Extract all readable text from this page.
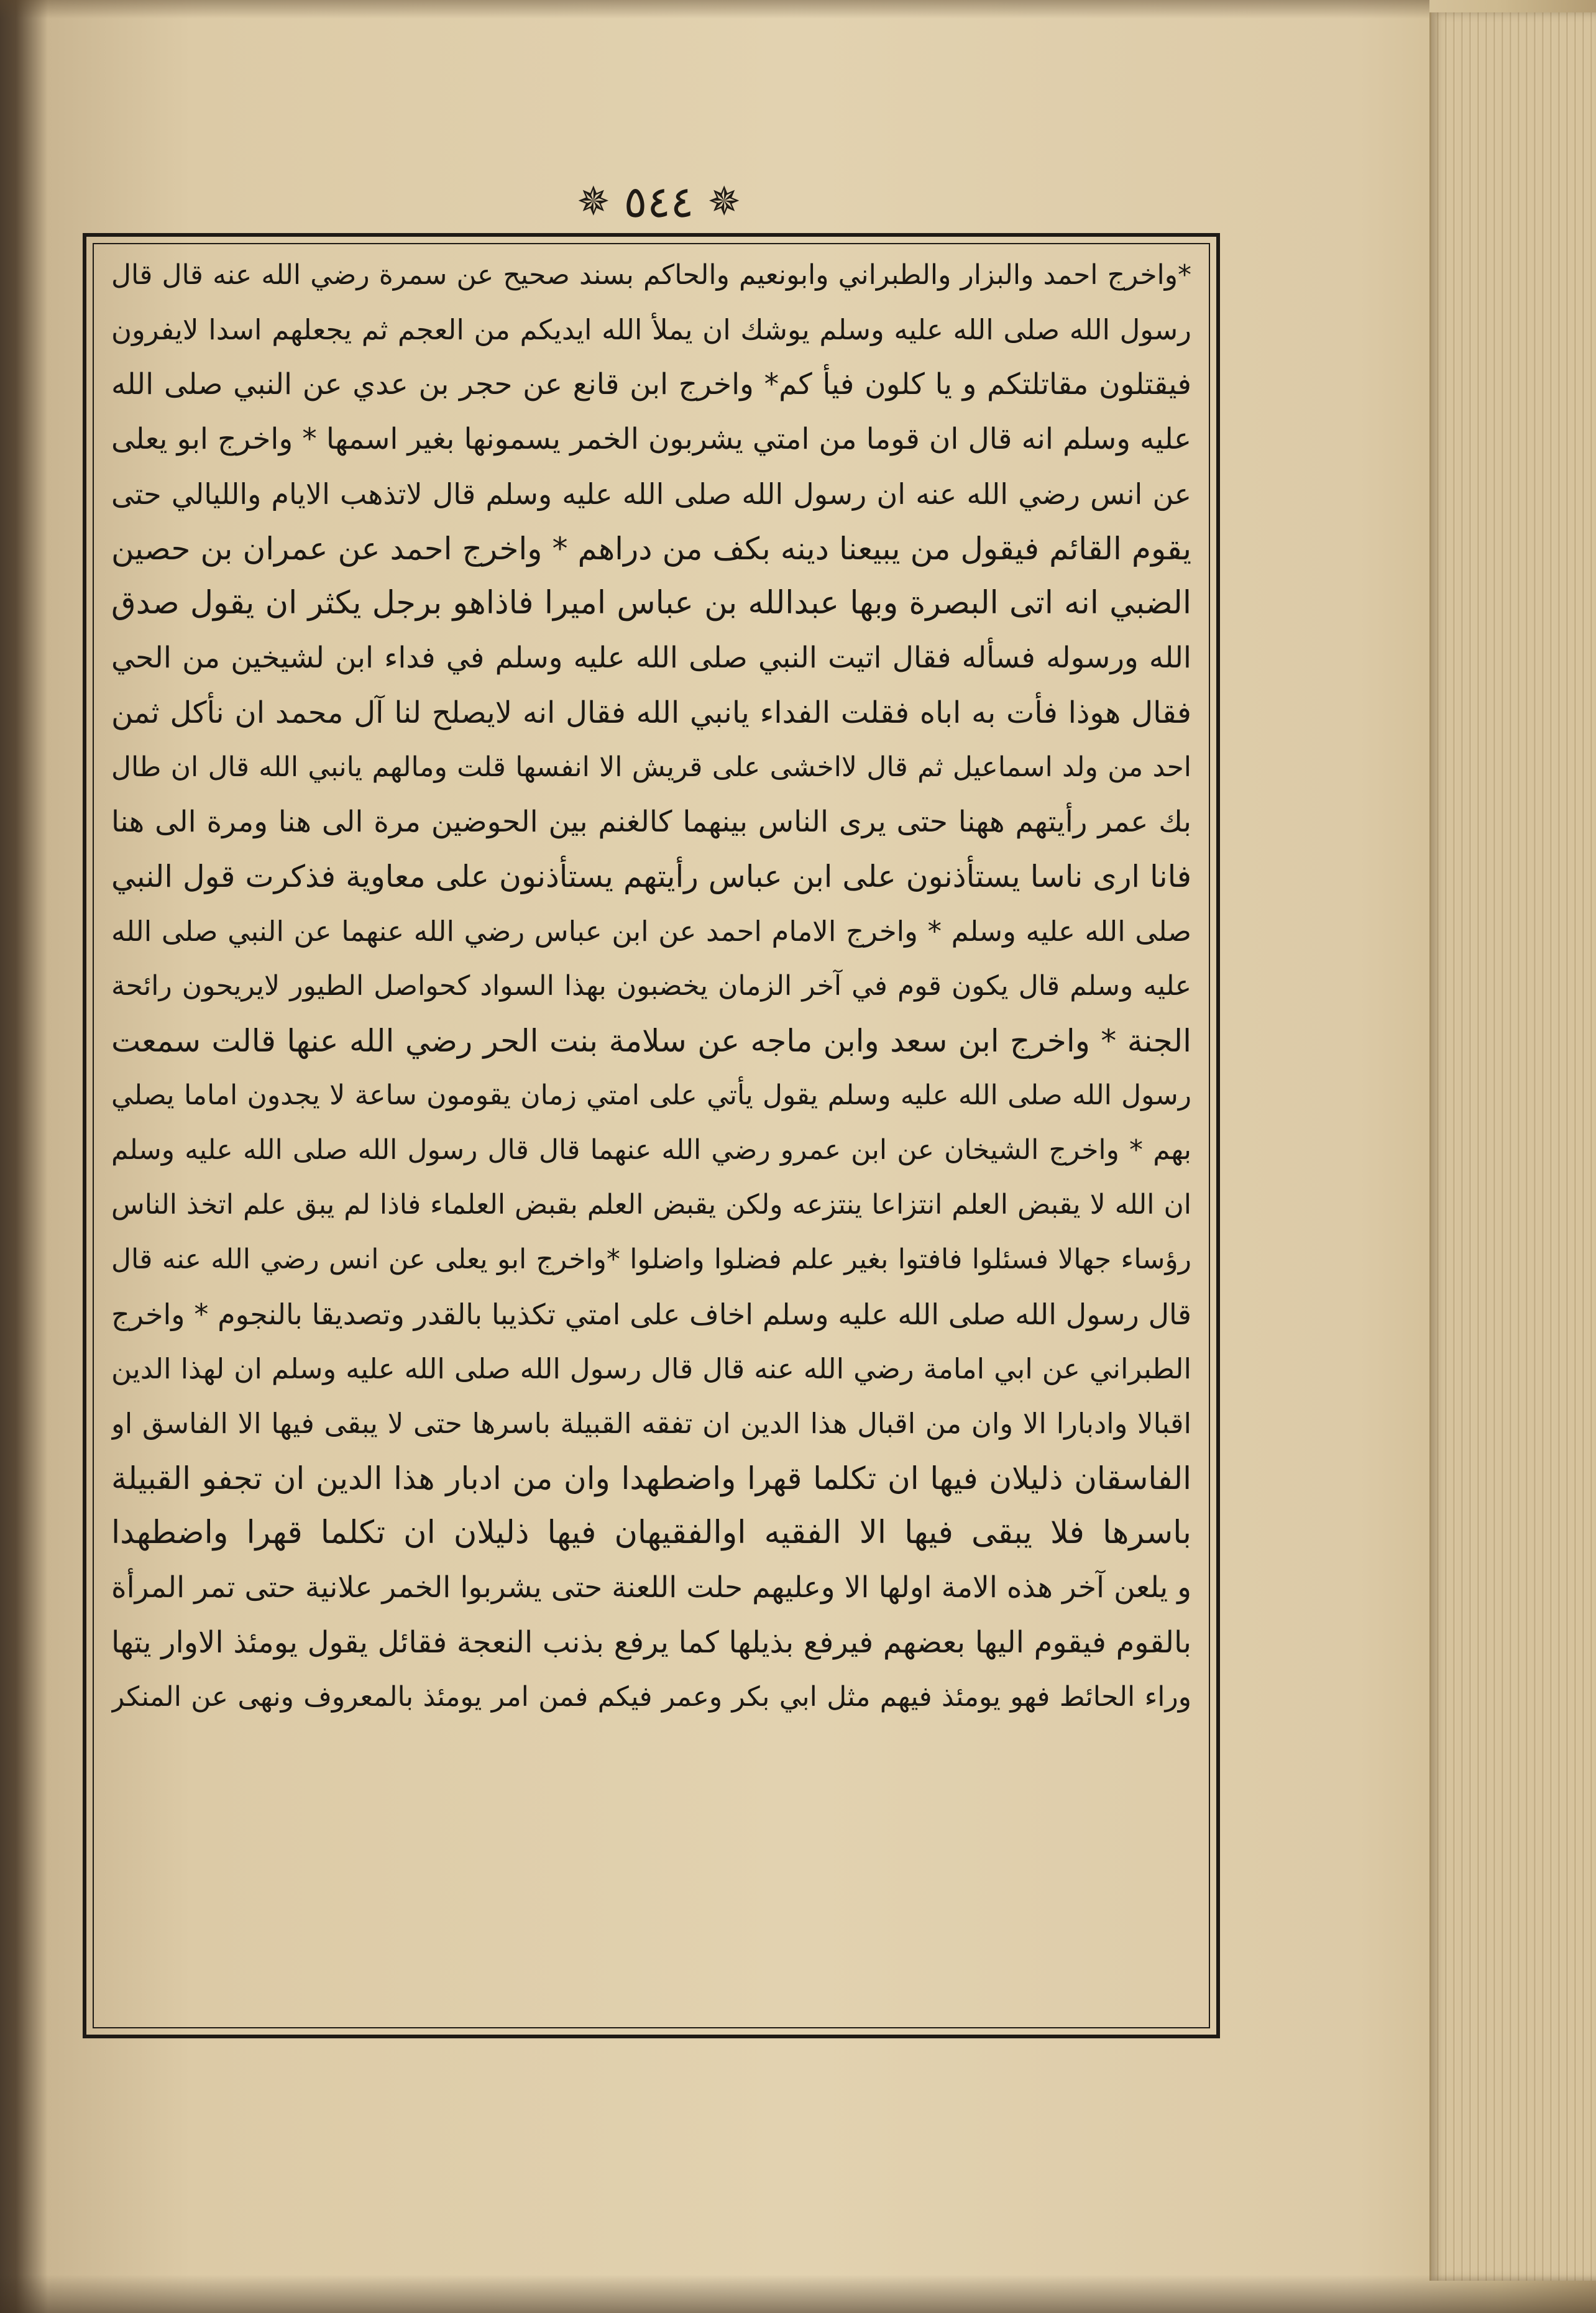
✵ ٥٤٤ ✵
*واخرج احمد والبزار والطبراني وابونعيم والحاكم بسند صحيح عن سمرة رضي الله عنه قال قال
رسول الله صلى الله عليه وسلم يوشك ان يملأ الله ايديكم من العجم ثم يجعلهم اسدا لايفرون
فيقتلون مقاتلتكم و يا كلون فيأ كم* واخرج ابن قانع عن حجر بن عدي عن النبي صلى الله
عليه وسلم انه قال ان قوما من امتي يشربون الخمر يسمونها بغير اسمها * واخرج ابو يعلى
عن انس رضي الله عنه ان رسول الله صلى الله عليه وسلم قال لاتذهب الايام والليالي حتى
يقوم القائم فيقول من يبيعنا دينه بكف من دراهم * واخرج احمد عن عمران بن حصين
الضبي انه اتى البصرة وبها عبدالله بن عباس اميرا فاذاهو برجل يكثر ان يقول صدق
الله ورسوله فسأله فقال اتيت النبي صلى الله عليه وسلم في فداء ابن لشيخين من الحي
فقال هوذا فأت به اباه فقلت الفداء يانبي الله فقال انه لايصلح لنا آل محمد ان نأكل ثمن
احد من ولد اسماعيل ثم قال لااخشى على قريش الا انفسها قلت ومالهم يانبي الله قال ان طال
بك عمر رأيتهم ههنا حتى يرى الناس بينهما كالغنم بين الحوضين مرة الى هنا ومرة الى هنا
فانا ارى ناسا يستأذنون على ابن عباس رأيتهم يستأذنون على معاوية فذكرت قول النبي
صلى الله عليه وسلم * واخرج الامام احمد عن ابن عباس رضي الله عنهما عن النبي صلى الله
عليه وسلم قال يكون قوم في آخر الزمان يخضبون بهذا السواد كحواصل الطيور لايريحون رائحة
الجنة * واخرج ابن سعد وابن ماجه عن سلامة بنت الحر رضي الله عنها قالت سمعت
رسول الله صلى الله عليه وسلم يقول يأتي على امتي زمان يقومون ساعة لا يجدون اماما يصلي
بهم * واخرج الشيخان عن ابن عمرو رضي الله عنهما قال قال رسول الله صلى الله عليه وسلم
ان الله لا يقبض العلم انتزاعا ينتزعه ولكن يقبض العلم بقبض العلماء فاذا لم يبق علم اتخذ الناس
رؤساء جهالا فسئلوا فافتوا بغير علم فضلوا واضلوا *واخرج ابو يعلى عن انس رضي الله عنه قال
قال رسول الله صلى الله عليه وسلم اخاف على امتي تكذيبا بالقدر وتصديقا بالنجوم * واخرج
الطبراني عن ابي امامة رضي الله عنه قال قال رسول الله صلى الله عليه وسلم ان لهذا الدين
اقبالا وادبارا الا وان من اقبال هذا الدين ان تفقه القبيلة باسرها حتى لا يبقى فيها الا الفاسق او
الفاسقان ذليلان فيها ان تكلما قهرا واضطهدا وان من ادبار هذا الدين ان تجفو القبيلة
باسرها فلا يبقى فيها الا الفقيه اوالفقيهان فيها ذليلان ان تكلما قهرا واضطهدا
و يلعن آخر هذه الامة اولها الا وعليهم حلت اللعنة حتى يشربوا الخمر علانية حتى تمر المرأة
بالقوم فيقوم اليها بعضهم فيرفع بذيلها كما يرفع بذنب النعجة فقائل يقول يومئذ الاوار يتها
وراء الحائط فهو يومئذ فيهم مثل ابي بكر وعمر فيكم فمن امر يومئذ بالمعروف ونهى عن المنكر
